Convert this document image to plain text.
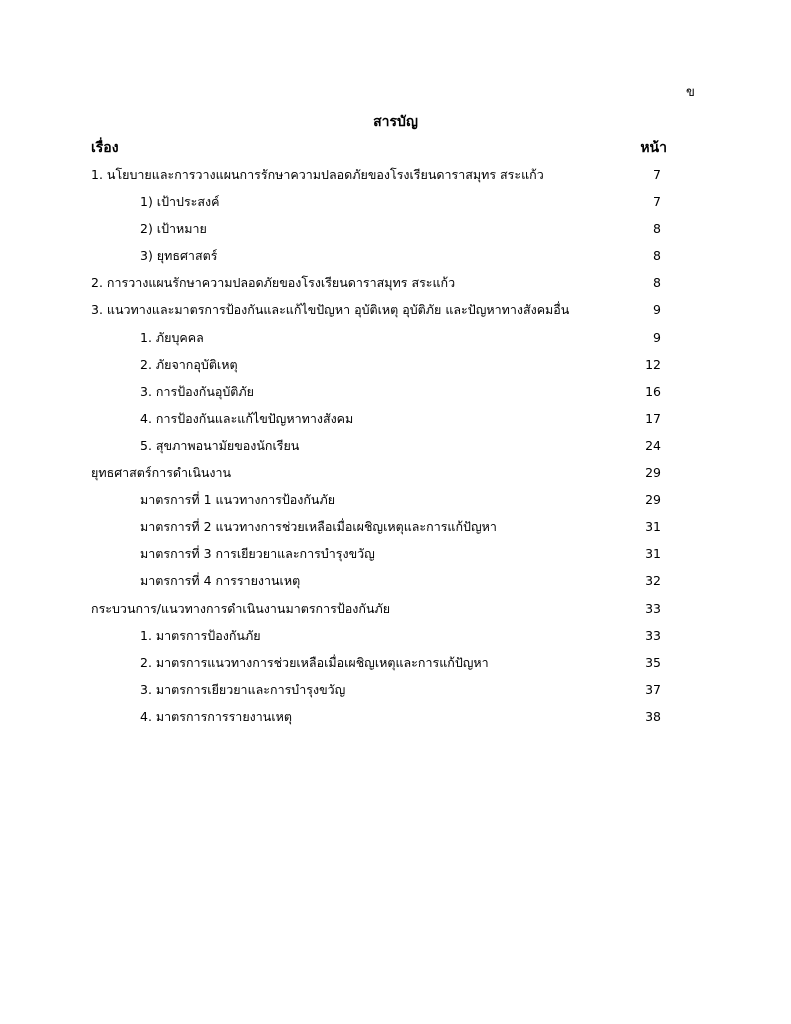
ข
สารบัญ
เรื่อง	หน้า
1. นโยบายและการวางแผนการรักษาความปลอดภัยของโรงเรียนดาราสมุทร สระแก้ว	7
1) เป้าประสงค์	7
2) เป้าหมาย	8
3) ยุทธศาสตร์	8
2. การวางแผนรักษาความปลอดภัยของโรงเรียนดาราสมุทร สระแก้ว	8
3. แนวทางและมาตรการป้องกันและแก้ไขปัญหา อุบัติเหตุ อุบัติภัย และปัญหาทางสังคมอื่น	9
1. ภัยบุคคล	9
2. ภัยจากอุบัติเหตุ	12
3. การป้องกันอุบัติภัย	16
4. การป้องกันและแก้ไขปัญหาทางสังคม	17
5. สุขภาพอนามัยของนักเรียน	24
ยุทธศาสตร์การดำเนินงาน	29
มาตรการที่ 1 แนวทางการป้องกันภัย	29
มาตรการที่ 2 แนวทางการช่วยเหลือเมื่อเผชิญเหตุและการแก้ปัญหา	31
มาตรการที่ 3 การเยียวยาและการบำรุงขวัญ	31
มาตรการที่ 4 การรายงานเหตุ	32
กระบวนการ/แนวทางการดำเนินงานมาตรการป้องกันภัย	33
1. มาตรการป้องกันภัย	33
2. มาตรการแนวทางการช่วยเหลือเมื่อเผชิญเหตุและการแก้ปัญหา	35
3. มาตรการเยียวยาและการบำรุงขวัญ	37
4. มาตรการการรายงานเหตุ	38
